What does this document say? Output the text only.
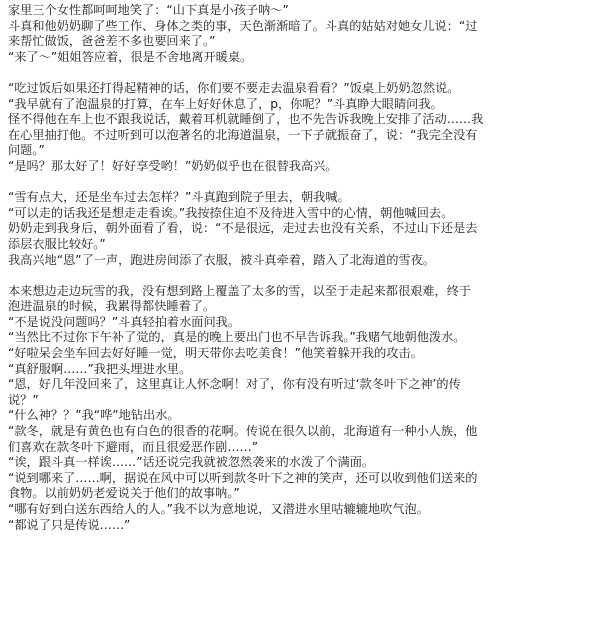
家里三个女性都呵呵地笑了：“山下真是小孩子呐～”
斗真和他奶奶聊了些工作、身体之类的事，天色渐渐暗了。斗真的姑姑对她女儿说：“过
来帮忙做饭，爸爸差不多也要回来了。”
“来了～”姐姐答应着，很是不舍地离开暖桌。
“吃过饭后如果还打得起精神的话，你们要不要走去温泉看看？”饭桌上奶奶忽然说。
“我早就有了泡温泉的打算，在车上好好休息了，p，你呢？”斗真睁大眼睛问我。
怪不得他在车上也不跟我说话，戴着耳机就睡倒了，也不先告诉我晚上安排了活动……我
在心里抽打他。不过听到可以泡著名的北海道温泉，一下子就振奋了，说：“我完全没有
问题。”
“是吗？那太好了！好好享受哟！”奶奶似乎也在很替我高兴。
“雪有点大，还是坐车过去怎样？”斗真跑到院子里去，朝我喊。
“可以走的话我还是想走走看诶。”我按捺住迫不及待进入雪中的心情，朝他喊回去。
奶奶走到我身后，朝外面看了看，说：“不是很远，走过去也没有关系，不过山下还是去
添层衣服比较好。”
我高兴地“恩”了一声，跑进房间添了衣服，被斗真牵着，踏入了北海道的雪夜。
本来想边走边玩雪的我，没有想到路上覆盖了太多的雪，以至于走起来都很艰难，终于
泡进温泉的时候，我累得都快睡着了。
“不是说没问题吗？”斗真轻拍着水面问我。
“当然比不过你下午补了觉的，真是的晚上要出门也不早告诉我。”我赌气地朝他泼水。
“好啦呆会坐车回去好好睡一觉，明天带你去吃美食！”他笑着躲开我的攻击。
“真舒服啊……”我把头埋进水里。
“恩，好几年没回来了，这里真让人怀念啊！对了，你有没有听过‘款冬叶下之神’的传
说？”
“什么神？？”我“哗”地钻出水。
“款冬，就是有黄色也有白色的很香的花啊。传说在很久以前，北海道有一种小人族，他
们喜欢在款冬叶下避雨，而且很爱恶作剧……”
“诶，跟斗真一样诶……”话还说完我就被忽然袭来的水泼了个满面。
“说到哪来了……啊，据说在风中可以听到款冬叶下之神的笑声，还可以收到他们送来的
食物。以前奶奶老爱说关于他们的故事呐。”
“哪有好到白送东西给人的人。”我不以为意地说，又潜进水里咕辘辘地吹气泡。
“都说了只是传说……”
